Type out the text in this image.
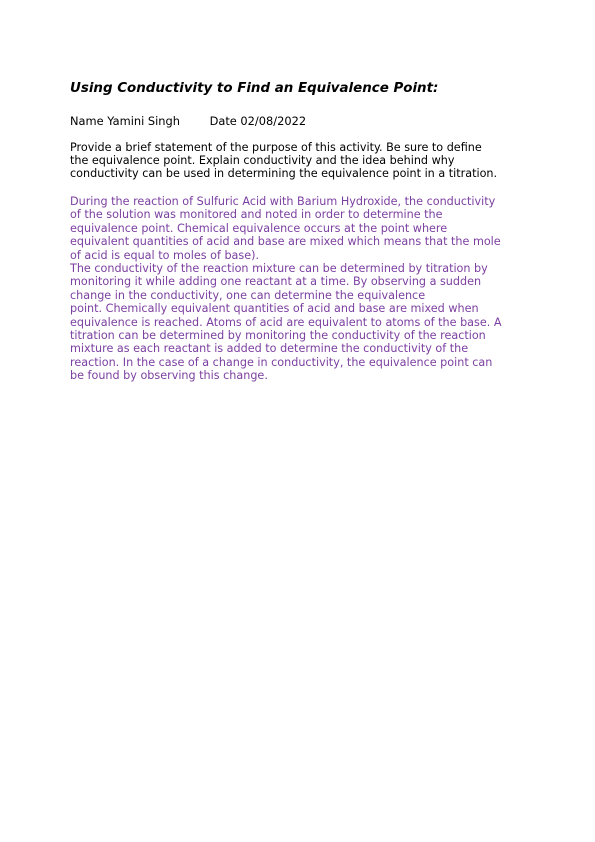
Using Conductivity to Find an Equivalence Point:
Name Yamini Singh	Date 02/08/2022

Provide a brief statement of the purpose of this activity. Be sure to define
the equivalence point. Explain conductivity and the idea behind why
conductivity can be used in determining the equivalence point in a titration.

During the reaction of Sulfuric Acid with Barium Hydroxide, the conductivity
of the solution was monitored and noted in order to determine the
equivalence point. Chemical equivalence occurs at the point where
equivalent quantities of acid and base are mixed which means that the mole
of acid is equal to moles of base).
The conductivity of the reaction mixture can be determined by titration by
monitoring it while adding one reactant at a time. By observing a sudden
change in the conductivity, one can determine the equivalence
point. Chemically equivalent quantities of acid and base are mixed when
equivalence is reached. Atoms of acid are equivalent to atoms of the base. A
titration can be determined by monitoring the conductivity of the reaction
mixture as each reactant is added to determine the conductivity of the
reaction. In the case of a change in conductivity, the equivalence point can
be found by observing this change.
